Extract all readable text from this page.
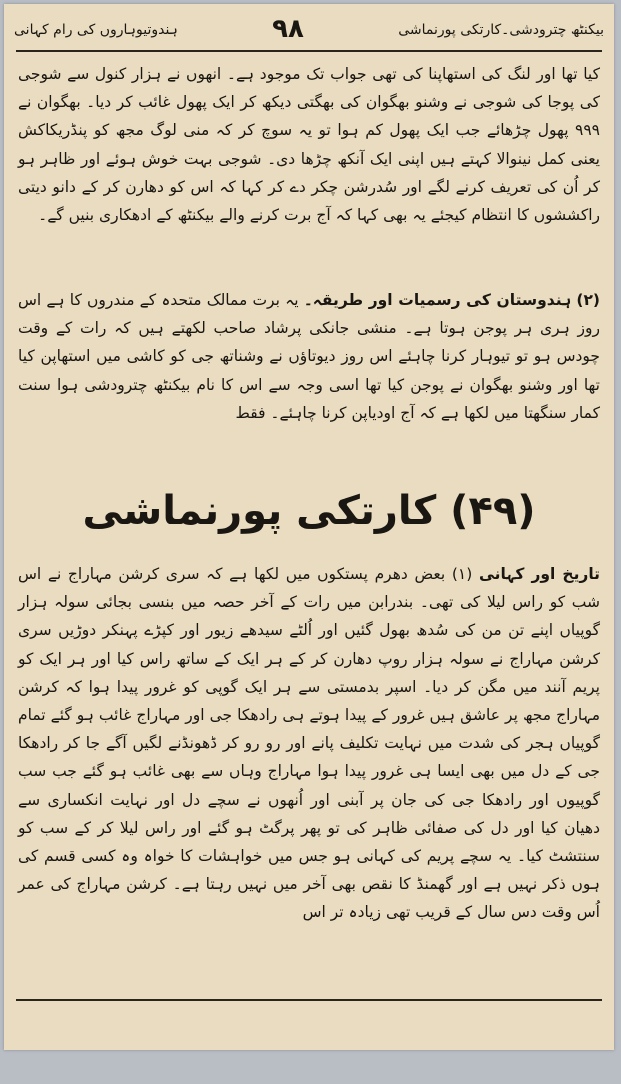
بیکنٹھ چترودشی۔کارتکی پورنماشی
۹۸
ہندوتیوہاروں کی رام کہانی
کیا تھا اور لنگ کی استھاپنا کی تھی جواب تک موجود ہے۔ انھوں نے ہزار کنول سے شوجی کی پوجا کی شوجی نے وشنو بھگوان کی بھگتی دیکھ کر ایک پھول غائب کر دیا۔ بھگوان نے ۹۹۹ پھول چڑھائے جب ایک پھول کم ہوا تو یہ سوچ کر کہ منی لوگ مجھ کو پنڈریکاکش یعنی کمل نینوالا کہتے ہیں اپنی ایک آنکھ چڑھا دی۔ شوجی بہت خوش ہوئے اور ظاہر ہو کر اُن کی تعریف کرنے لگے اور سُدرشن چکر دے کر کہا کہ اس کو دھارن کر کے دانو دیتی راکششوں کا انتظام کیجئے یہ بھی کہا کہ آج برت کرنے والے بیکنٹھ کے ادھکاری بنیں گے۔
(۲) ہندوستان کی رسمیات اور طریقہ۔ یہ برت ممالک متحدہ کے مندروں کا ہے اس روز ہری ہر پوجن ہوتا ہے۔ منشی جانکی پرشاد صاحب لکھتے ہیں کہ رات کے وقت چودس ہو تو تیوہار کرنا چاہئے اس روز دیوتاؤں نے وشناتھ جی کو کاشی میں استھاپن کیا تھا اور وشنو بھگوان نے پوجن کیا تھا اسی وجہ سے اس کا نام بیکنٹھ چترودشی ہوا سنت کمار سنگھتا میں لکھا ہے کہ آج اودیاپن کرنا چاہئے۔ فقط
(۴۹) کارتکی پورنماشی
تاریخ اور کہانی (۱) بعض دھرم پستکوں میں لکھا ہے کہ سری کرشن مہاراج نے اس شب کو راس لیلا کی تھی۔ بندرابن میں رات کے آخر حصہ میں بنسی بجائی سولہ ہزار گوپیاں اپنے تن من کی سُدھ بھول گئیں اور اُلٹے سیدھے زیور اور کپڑے پہنکر دوڑیں سری کرشن مہاراج نے سولہ ہزار روپ دھارن کر کے ہر ایک کے ساتھ راس کیا اور ہر ایک کو پریم آنند میں مگن کر دیا۔ اسپر بدمستی سے ہر ایک گوپی کو غرور پیدا ہوا کہ کرشن مہاراج مجھ پر عاشق ہیں غرور کے پیدا ہوتے ہی رادھکا جی اور مہاراج غائب ہو گئے تمام گوپیاں ہجر کی شدت میں نہایت تکلیف پانے اور رو رو کر ڈھونڈنے لگیں آگے جا کر رادھکا جی کے دل میں بھی ایسا ہی غرور پیدا ہوا مہاراج وہاں سے بھی غائب ہو گئے جب سب گوپیوں اور رادھکا جی کی جان پر آبنی اور اُنھوں نے سچے دل اور نہایت انکساری سے دھیان کیا اور دل کی صفائی ظاہر کی تو پھر پرگٹ ہو گئے اور راس لیلا کر کے سب کو سنتشٹ کیا۔ یہ سچے پریم کی کہانی ہو جس میں خواہشات کا خواہ وہ کسی قسم کی ہوں ذکر نہیں ہے اور گھمنڈ کا نقص بھی آخر میں نہیں رہتا ہے۔ کرشن مہاراج کی عمر اُس وقت دس سال کے قریب تھی زیادہ تر اس
